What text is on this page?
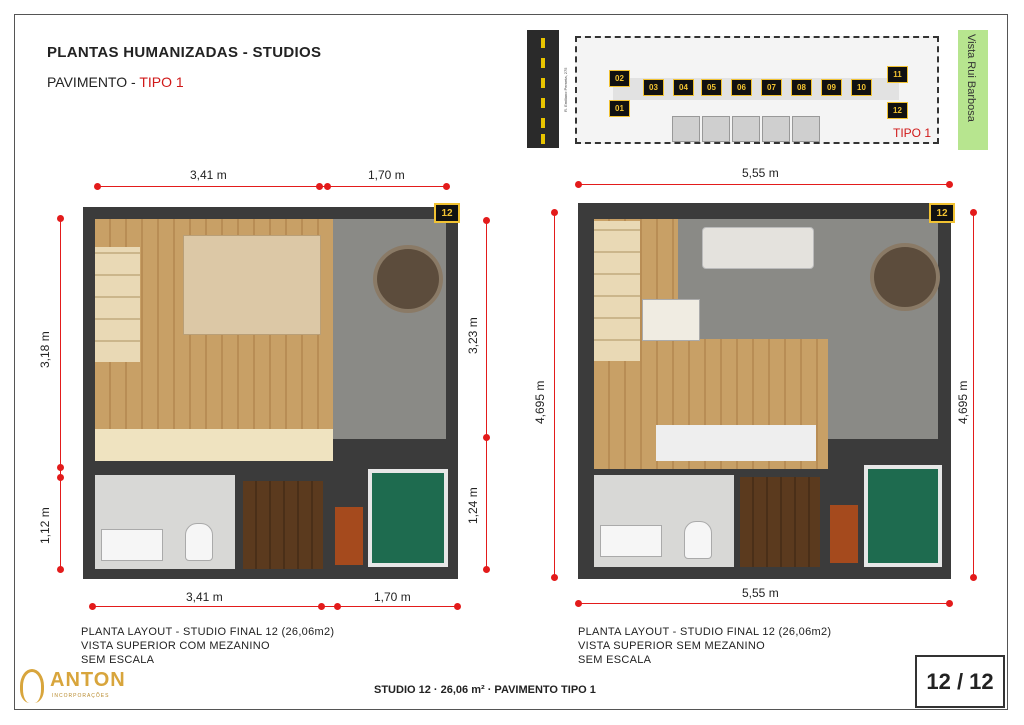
PLANTAS HUMANIZADAS - STUDIOS
PAVIMENTO - TIPO 1	R. Emiliano Perneta, 275	01
02
03	04	05	06	07	08	09	10
11
12
TIPO 1
Vista Rui Barbosa
12
3,41 m	1,70 m
3,41 m	1,70 m
3,18 m
1,12 m
3,23 m
1,24 m
PLANTA LAYOUT - STUDIO FINAL 12 (26,06m2)
VISTA SUPERIOR COM MEZANINO
SEM ESCALA
12
5,55 m
5,55 m
4,695 m	4,695 m
PLANTA LAYOUT - STUDIO FINAL 12 (26,06m2)
VISTA SUPERIOR SEM MEZANINO
SEM ESCALA
ANTON
INCORPORAÇÕES	STUDIO 12 · 26,06 m² · PAVIMENTO TIPO 1	12 / 12
